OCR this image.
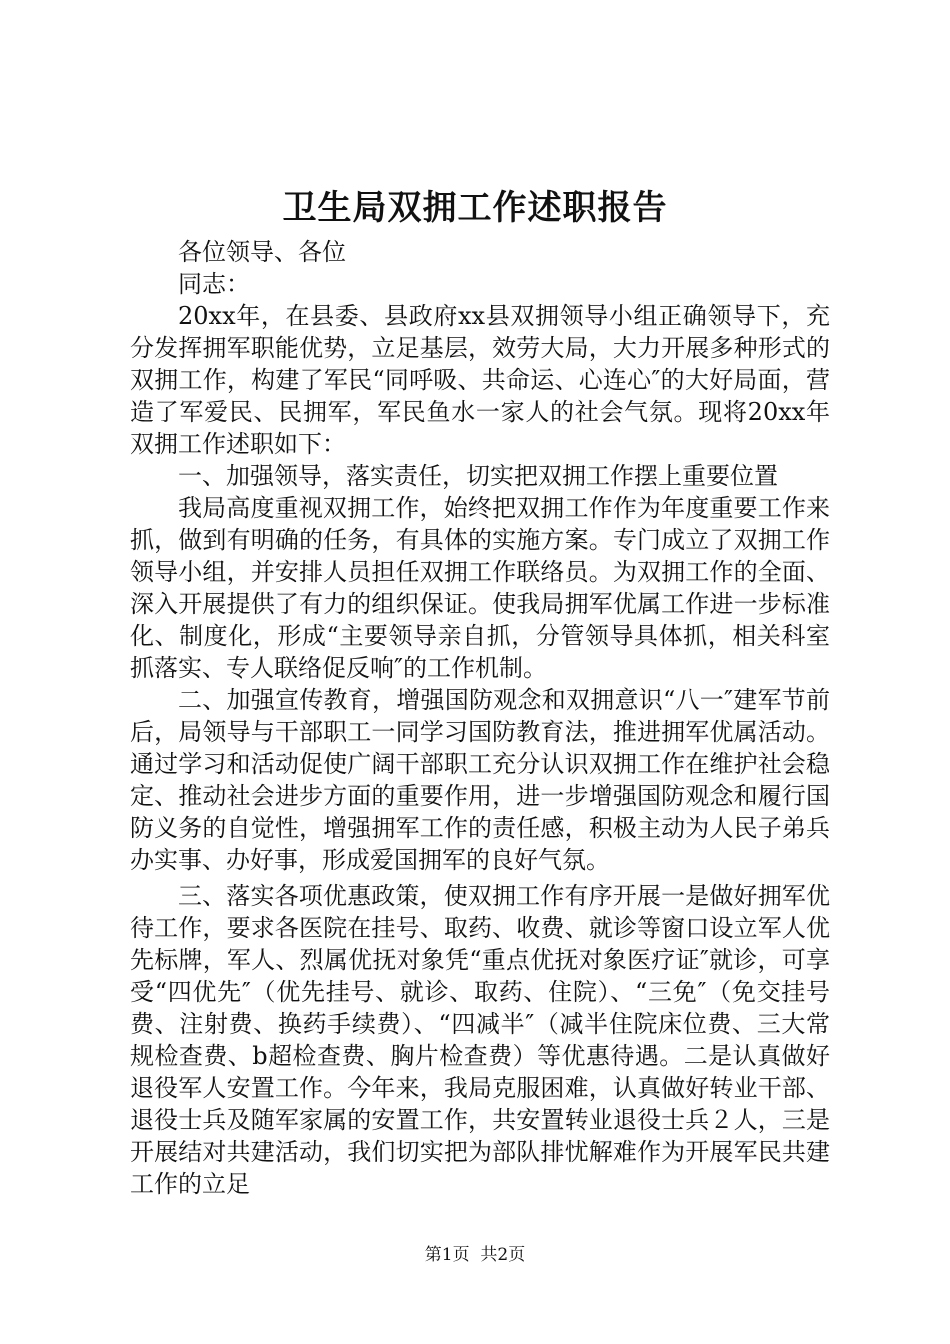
卫生局双拥工作述职报告

各位领导、各位

同志：

20xx年，在县委、县政府xx县双拥领导小组正确领导下，充分发挥拥军职能优势，立足基层，效劳大局，大力开展多种形式的双拥工作，构建了军民“同呼吸、共命运、心连心″的大好局面，营造了军爱民、民拥军，军民鱼水一家人的社会气氛。现将20xx年双拥工作述职如下：

一、加强领导，落实责任，切实把双拥工作摆上重要位置

我局高度重视双拥工作，始终把双拥工作作为年度重要工作来抓，做到有明确的任务，有具体的实施方案。专门成立了双拥工作领导小组，并安排人员担任双拥工作联络员。为双拥工作的全面、深入开展提供了有力的组织保证。使我局拥军优属工作进一步标准化、制度化，形成“主要领导亲自抓，分管领导具体抓，相关科室抓落实、专人联络促反响″的工作机制。

二、加强宣传教育，增强国防观念和双拥意识“八一″建军节前后，局领导与干部职工一同学习国防教育法，推进拥军优属活动。通过学习和活动促使广阔干部职工充分认识双拥工作在维护社会稳定、推动社会进步方面的重要作用，进一步增强国防观念和履行国防义务的自觉性，增强拥军工作的责任感，积极主动为人民子弟兵办实事、办好事，形成爱国拥军的良好气氛。

三、落实各项优惠政策，使双拥工作有序开展一是做好拥军优待工作，要求各医院在挂号、取药、收费、就诊等窗口设立军人优先标牌，军人、烈属优抚对象凭“重点优抚对象医疗证″就诊，可享受“四优先″（优先挂号、就诊、取药、住院）、“三免″（免交挂号费、注射费、换药手续费）、“四减半″（减半住院床位费、三大常规检查费、b超检查费、胸片检查费）等优惠待遇。二是认真做好退役军人安置工作。今年来，我局克服困难，认真做好转业干部、退役士兵及随军家属的安置工作，共安置转业退役士兵２人，三是开展结对共建活动，我们切实把为部队排忧解难作为开展军民共建工作的立足

第1页 共2页
